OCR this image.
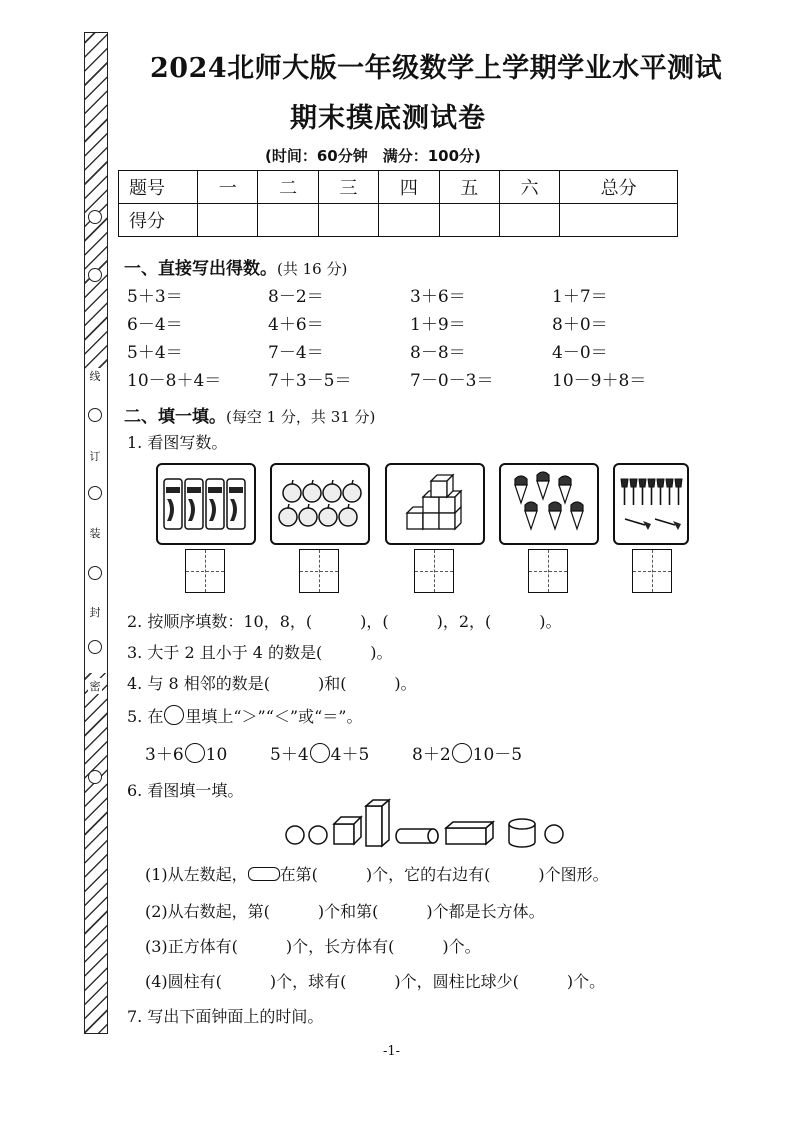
线
订
装
封
密
2024北师大版一年级数学上学期学业水平测试
期末摸底测试卷
(时间：60分钟　满分：100分)
题号	一	二	三	四	五	六	总分
得分							
一、直接写出得数。(共 16 分)
5＋3＝	8－2＝	3＋6＝	1＋7＝
6－4＝	4＋6＝	1＋9＝	8＋0＝
5＋4＝	7－4＝	8－8＝	4－0＝
10－8＋4＝	7＋3－5＝	7－0－3＝	10－9＋8＝
二、填一填。(每空 1 分，共 31 分)
1. 看图写数。
2. 按顺序填数：10，8，(　　　)，(　　　)，2，(　　　)。
3. 大于 2 且小于 4 的数是(　　　)。
4. 与 8 相邻的数是(　　　)和(　　　)。
5. 在 里填上“＞”“＜”或“＝”。
3＋6 10	5＋4 4＋5	8＋2 10－5
6. 看图填一填。
(1)从左数起， 在第(　　　)个，它的右边有(　　　)个图形。
(2)从右数起，第(　　　)个和第(　　　)个都是长方体。
(3)正方体有(　　　)个，长方体有(　　　)个。
(4)圆柱有(　　　)个，球有(　　　)个，圆柱比球少(　　　)个。
7. 写出下面钟面上的时间。
-1-
